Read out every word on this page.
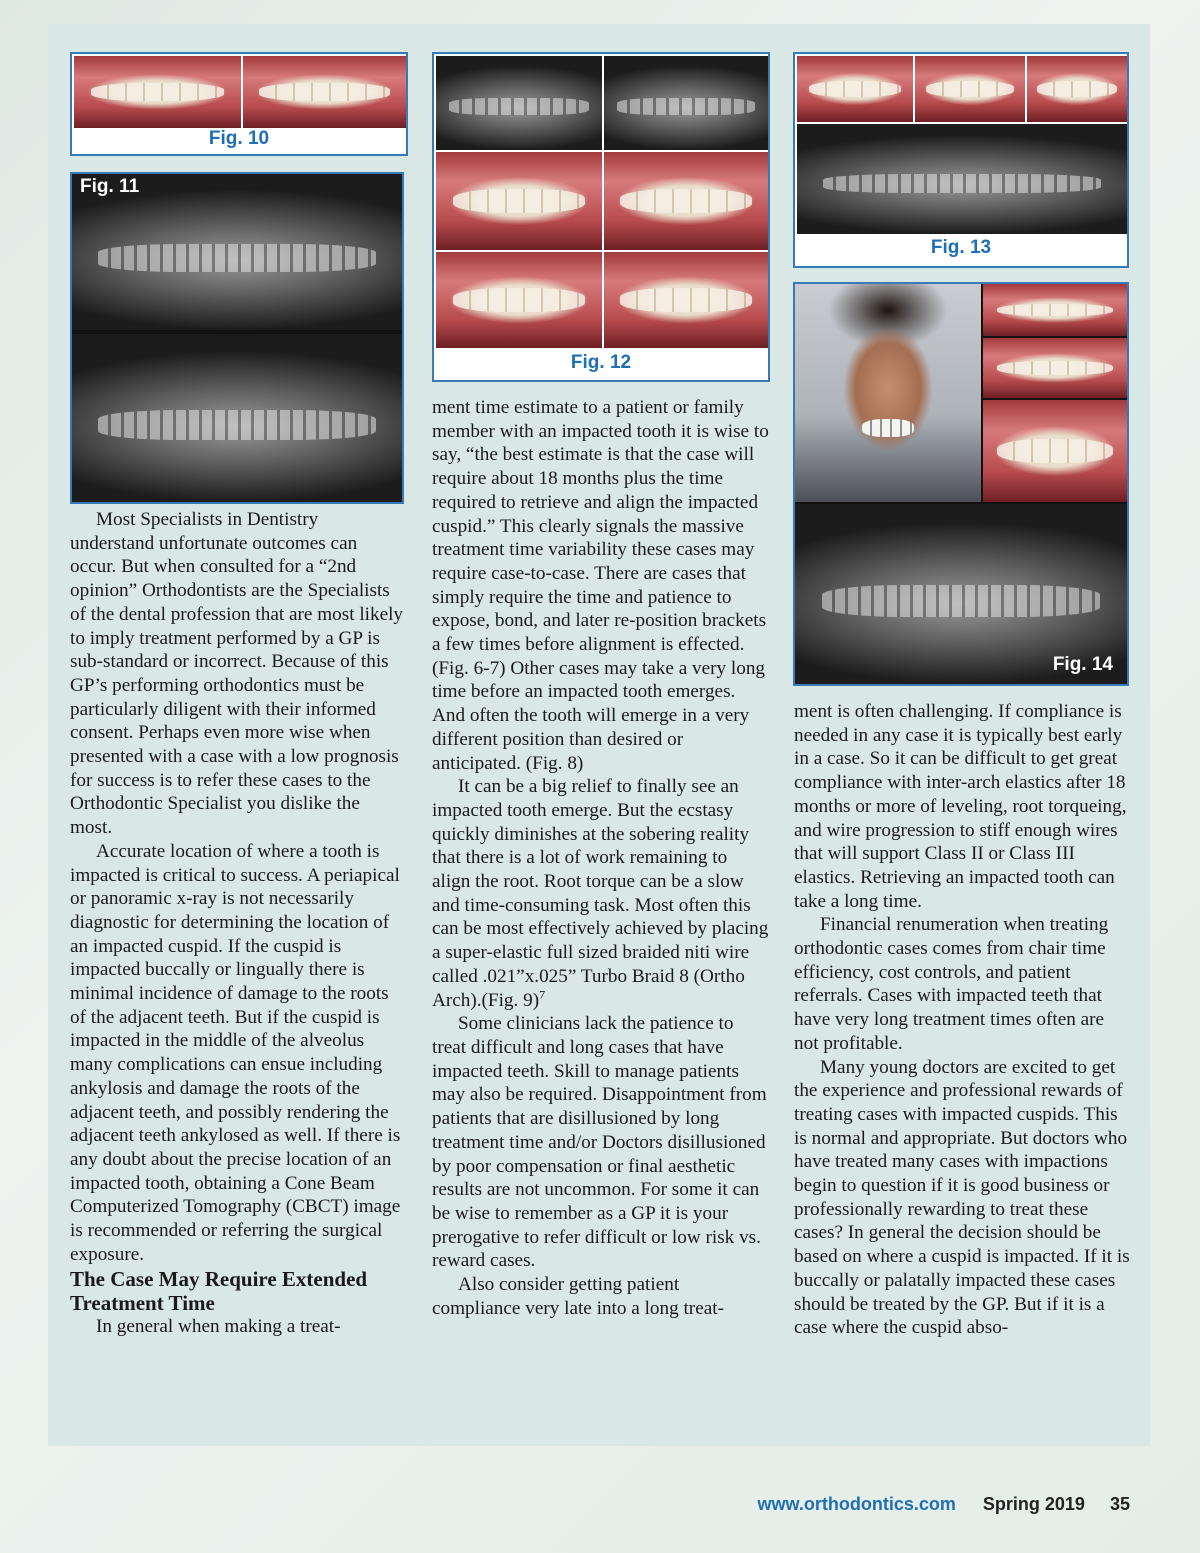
Fig. 10
Fig. 11
Fig. 12
Fig. 13
Fig. 14

Most Specialists in Dentistry understand unfortunate outcomes can occur. But when consulted for a “2nd opinion” Orthodontists are the Specialists of the dental profession that are most likely to imply treatment performed by a GP is sub-standard or incorrect. Because of this GP’s performing orthodontics must be particularly diligent with their informed consent. Perhaps even more wise when presented with a case with a low prognosis for success is to refer these cases to the Orthodontic Specialist you dislike the most.

Accurate location of where a tooth is impacted is critical to success. A periapical or panoramic x-ray is not necessarily diagnostic for determining the location of an impacted cuspid. If the cuspid is impacted buccally or lingually there is minimal incidence of damage to the roots of the adjacent teeth. But if the cuspid is impacted in the middle of the alveolus many complications can ensue including ankylosis and damage the roots of the adjacent teeth, and possibly rendering the adjacent teeth ankylosed as well. If there is any doubt about the precise location of an impacted tooth, obtaining a Cone Beam Computerized Tomography (CBCT) image is recommended or referring the surgical exposure.

The Case May Require Extended Treatment Time

In general when making a treat-

ment time estimate to a patient or family member with an impacted tooth it is wise to say, “the best estimate is that the case will require about 18 months plus the time required to retrieve and align the impacted cuspid.” This clearly signals the massive treatment time variability these cases may require case-to-case. There are cases that simply require the time and patience to expose, bond, and later re-position brackets a few times before alignment is effected. (Fig. 6-7) Other cases may take a very long time before an impacted tooth emerges. And often the tooth will emerge in a very different position than desired or anticipated. (Fig. 8)

It can be a big relief to finally see an impacted tooth emerge. But the ecstasy quickly diminishes at the sobering reality that there is a lot of work remaining to align the root. Root torque can be a slow and time-consuming task. Most often this can be most effectively achieved by placing a super-elastic full sized braided niti wire called .021”x.025” Turbo Braid 8 (Ortho Arch).(Fig. 9)$^7$

Some clinicians lack the patience to treat difficult and long cases that have impacted teeth. Skill to manage patients may also be required. Disappointment from patients that are disillusioned by long treatment time and/or Doctors disillusioned by poor compensation or final aesthetic results are not uncommon. For some it can be wise to remember as a GP it is your prerogative to refer difficult or low risk vs. reward cases.

Also consider getting patient compliance very late into a long treat-

ment is often challenging. If compliance is needed in any case it is typically best early in a case. So it can be difficult to get great compliance with inter-arch elastics after 18 months or more of leveling, root torqueing, and wire progression to stiff enough wires that will support Class II or Class III elastics. Retrieving an impacted tooth can take a long time.

Financial renumeration when treating orthodontic cases comes from chair time efficiency, cost controls, and patient referrals. Cases with impacted teeth that have very long treatment times often are not profitable.

Many young doctors are excited to get the experience and professional rewards of treating cases with impacted cuspids. This is normal and appropriate. But doctors who have treated many cases with impactions begin to question if it is good business or professionally rewarding to treat these cases? In general the decision should be based on where a cuspid is impacted. If it is buccally or palatally impacted these cases should be treated by the GP. But if it is a case where the cuspid abso-

www.orthodontics.com Spring 2019 35
